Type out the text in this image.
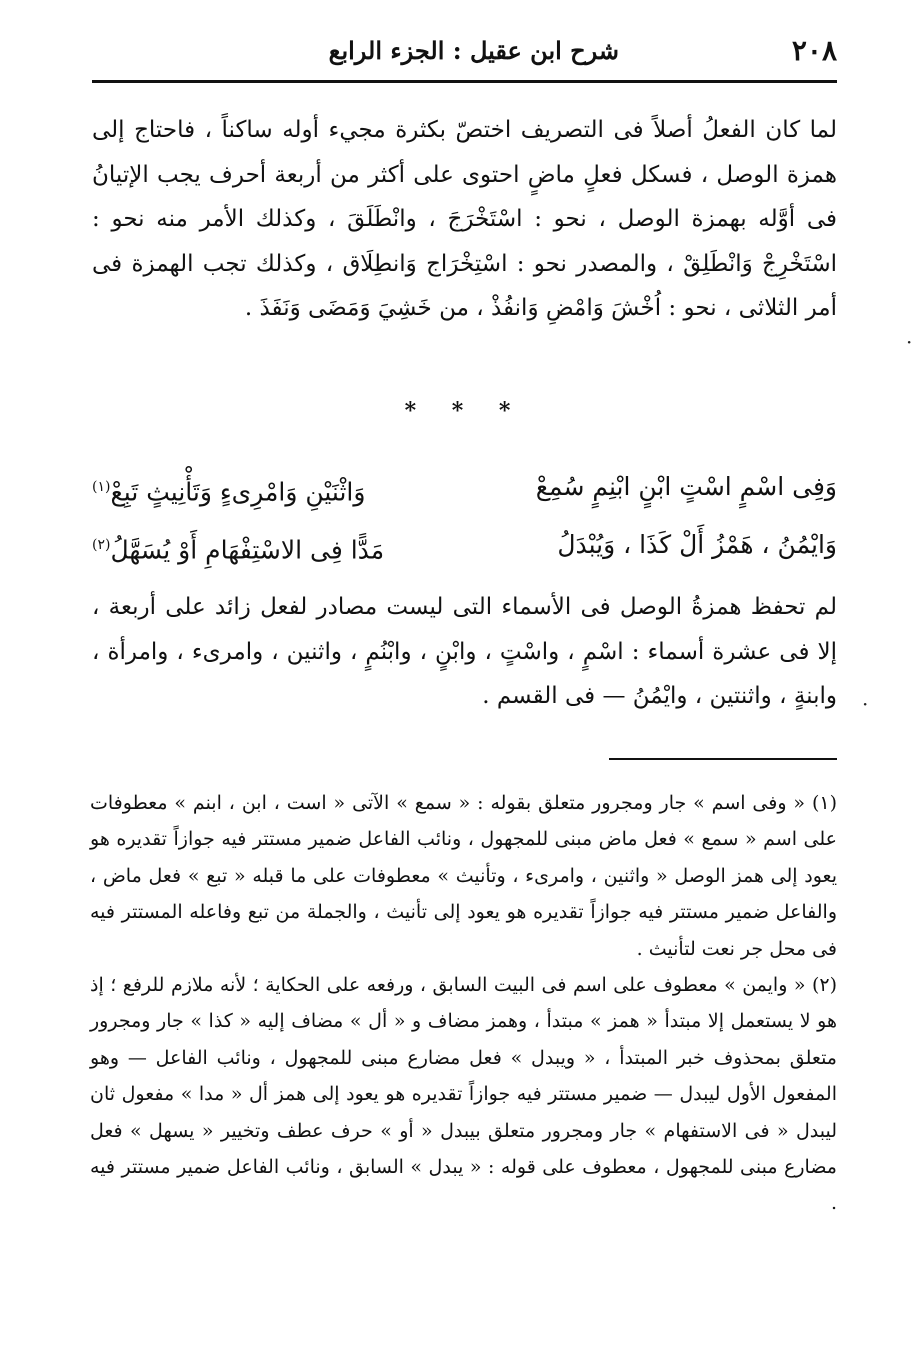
٢٠٨
شرح ابن عقيل : الجزء الرابع

لما كان الفعلُ أصلاً فى التصريف اختصّ بكثرة مجيء أوله ساكناً ، فاحتاج إلى همزة الوصل ، فسكل فعلٍ ماضٍ احتوى على أكثر من أربعة أحرف يجب الإتيانُ فى أوَّله بهمزة الوصل ، نحو : اسْتَخْرَجَ ، وانْطَلَقَ ، وكذلك الأمر منه نحو : اسْتَخْرِجْ وَانْطَلِقْ ، والمصدر نحو : اسْتِخْرَاج وَانطِلَاق ، وكذلك تجب الهمزة فى أمر الثلاثى ، نحو : اُخْشَ وَامْضِ وَانفُذْ ، من خَشِيَ وَمَضَى وَنَفَذَ .

* * *
وَفِى اسْمٍ اسْتٍ ابْنٍ ابْنِمٍ سُمِعْ
وَاثْنَيْنِ وَامْرِىءٍ وَتَأْنِيثٍ تَبِعْ$^{(١)}$
وَايْمُنُ ، هَمْزُ أَلْ كَذَا ، وَيُبْدَلُ
مَدًّا فِى الاسْتِفْهَامِ أَوْ يُسَهَّلُ$^{(٢)}$

لم تحفظ همزةُ الوصل فى الأسماء التى ليست مصادر لفعل زائد على أربعة ، إلا فى عشرة أسماء : اسْمٍ ، واسْتٍ ، وابْنٍ ، وابْنُمٍ ، واثنين ، وامرىء ، وامرأة ، وابنةٍ ، واثنتين ، وايْمُنُ — فى القسم .

(١) « وفى اسم » جار ومجرور متعلق بقوله : « سمع » الآتى « است ، ابن ، ابنم » معطوفات على اسم « سمع » فعل ماض مبنى للمجهول ، ونائب الفاعل ضمير مستتر فيه جوازاً تقديره هو يعود إلى همز الوصل « واثنين ، وامرىء ، وتأنيث » معطوفات على ما قبله « تبع » فعل ماض ، والفاعل ضمير مستتر فيه جوازاً تقديره هو يعود إلى تأنيث ، والجملة من تبع وفاعله المستتر فيه فى محل جر نعت لتأنيث .

(٢) « وايمن » معطوف على اسم فى البيت السابق ، ورفعه على الحكاية ؛ لأنه ملازم للرفع ؛ إذ هو لا يستعمل إلا مبتدأ « همز » مبتدأ ، وهمز مضاف و « أل » مضاف إليه « كذا » جار ومجرور متعلق بمحذوف خبر المبتدأ ، « ويبدل » فعل مضارع مبنى للمجهول ، ونائب الفاعل — وهو المفعول الأول ليبدل — ضمير مستتر فيه جوازاً تقديره هو يعود إلى همز أل « مدا » مفعول ثان ليبدل « فى الاستفهام » جار ومجرور متعلق بيبدل « أو » حرف عطف وتخيير « يسهل » فعل مضارع مبنى للمجهول ، معطوف على قوله : « يبدل » السابق ، ونائب الفاعل ضمير مستتر فيه .

·
·
